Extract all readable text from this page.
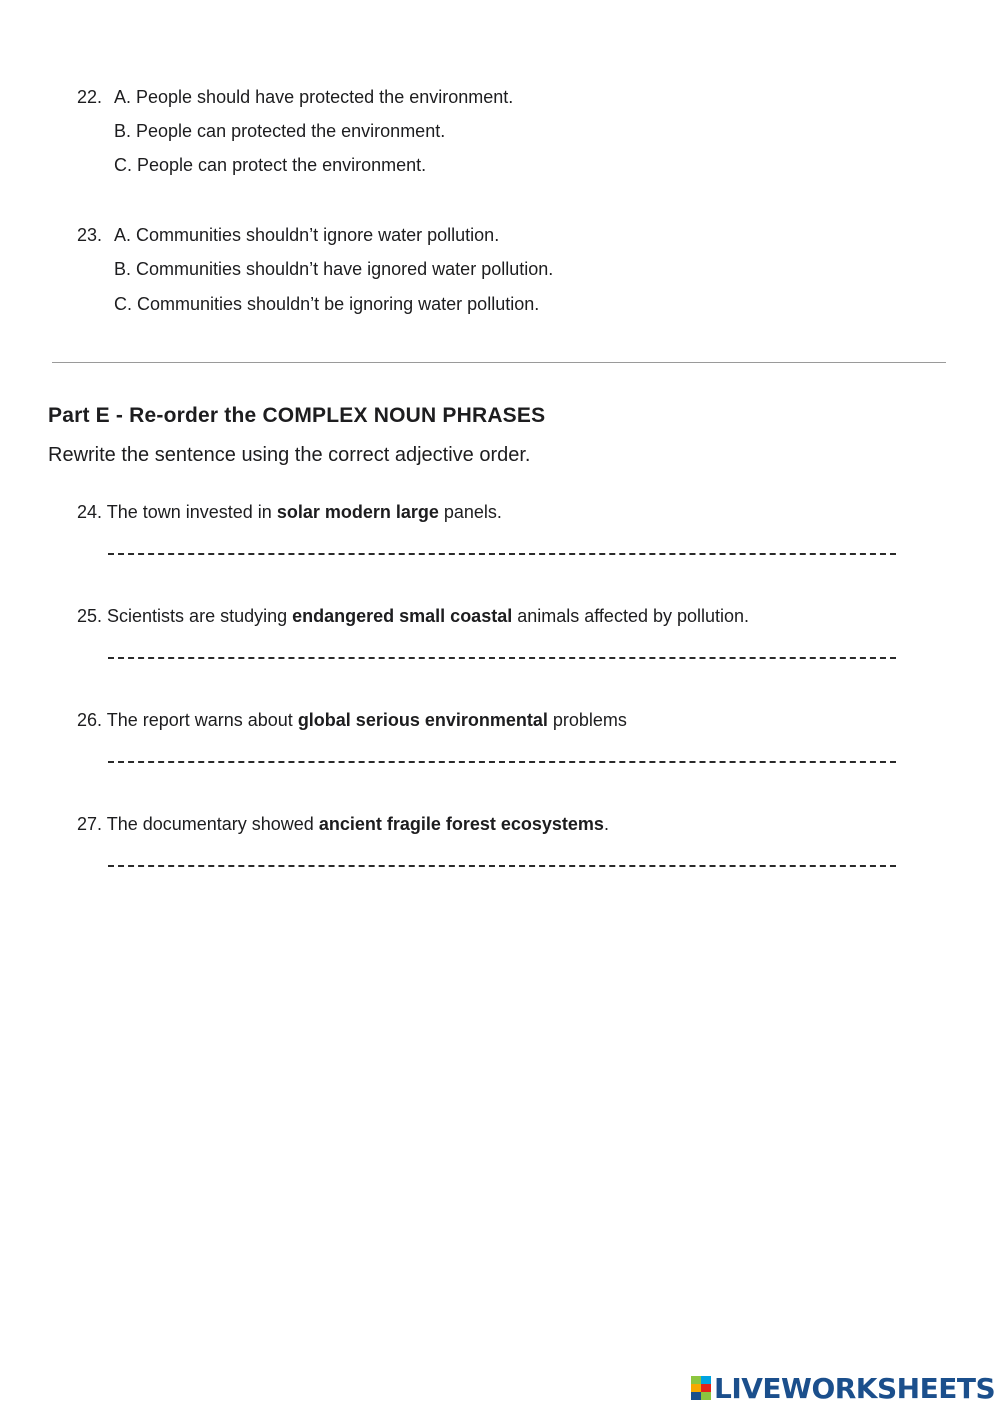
22. A. People should have protected the environment.
B. People can protected the environment.
C. People can protect the environment.
23. A. Communities shouldn’t ignore water pollution.
B. Communities shouldn’t have ignored water pollution.
C. Communities shouldn’t be ignoring water pollution.
Part E - Re-order the COMPLEX NOUN PHRASES
Rewrite the sentence using the correct adjective order.
24. The town invested in solar modern large panels.
25. Scientists are studying endangered small coastal animals affected by pollution.
26. The report warns about global serious environmental problems
27. The documentary showed ancient fragile forest ecosystems.
LIVEWORKSHEETS
